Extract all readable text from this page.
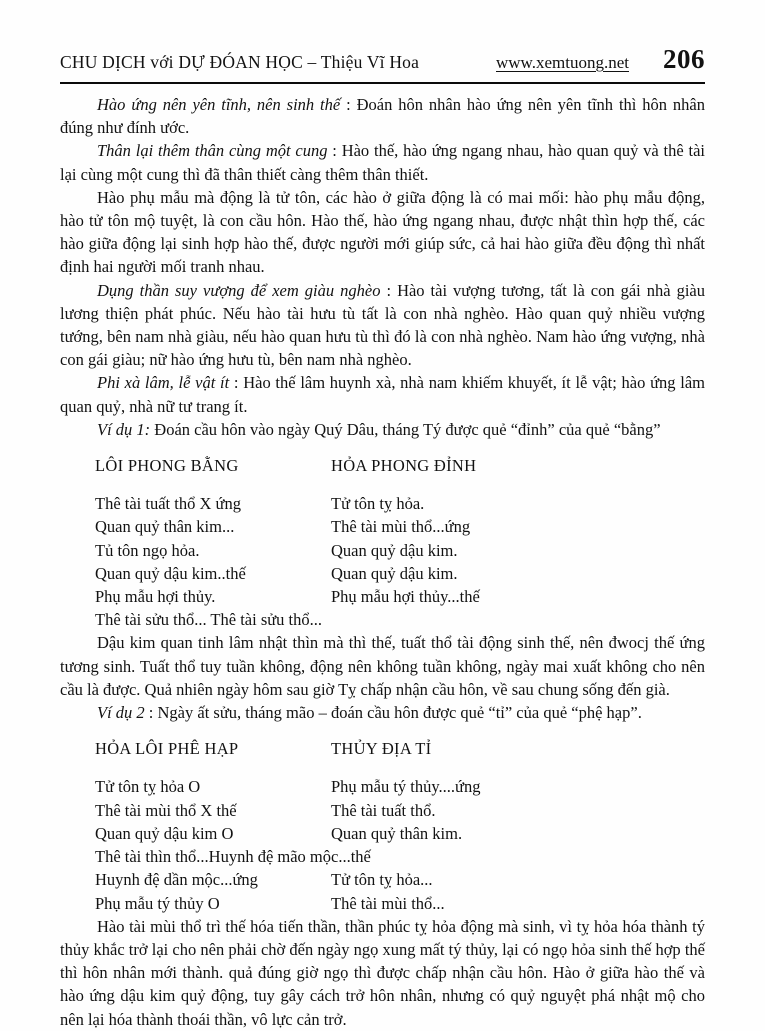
CHU DỊCH với DỰ ĐÓAN HỌC – Thiệu Vĩ Hoa	www.xemtuong.net 206

Hào ứng nên yên tĩnh, nên sinh thế : Đoán hôn nhân hào ứng nên yên tĩnh thì hôn nhân đúng như đính ước.

Thân lại thêm thân cùng một cung : Hào thế, hào ứng ngang nhau, hào quan quỷ và thê tài lại cùng một cung thì đã thân thiết càng thêm thân thiết.

Hào phụ mẫu mà động là tử tôn, các hào ở giữa động là có mai mối: hào phụ mẫu động, hào tử tôn mộ tuyệt, là con cầu hôn. Hào thế, hào ứng ngang nhau, được nhật thìn hợp thế, các hào giữa động lại sinh hợp hào thế, được người mới giúp sức, cả hai hào giữa đều động thì nhất định hai người mối tranh nhau.

Dụng thần suy vượng để xem giàu nghèo : Hào tài vượng tương, tất là con gái nhà giàu lương thiện phát phúc. Nếu hào tài hưu tù tất là con nhà nghèo. Hào quan quỷ nhiều vượng tướng, bên nam nhà giàu, nếu hào quan hưu tù thì đó là con nhà nghèo. Nam hào ứng vượng, nhà con gái giàu; nữ hào ứng hưu tù, bên nam nhà nghèo.

Phi xà lâm, lễ vật ít : Hào thế lâm huynh xà, nhà nam khiếm khuyết, ít lễ vật; hào ứng lâm quan quỷ, nhà nữ tư trang ít.

Ví dụ 1: Đoán cầu hôn vào ngày Quý Dâu, tháng Tý được quẻ “đỉnh” của quẻ “bằng”

LÔI PHONG BẰNG	HỎA PHONG ĐỈNH
Thê tài tuất thổ X ứng	Tử tôn tỵ hỏa.
Quan quỷ thân kim...	Thê tài mùi thổ...ứng
Tủ tôn ngọ hỏa.	Quan quỷ dậu kim.
Quan quỷ dậu kim..thế	Quan quỷ dậu kim.
Phụ mẫu hợi thủy.	Phụ mẫu hợi thủy...thế
Thê tài sửu thổ... Thê tài sửu thổ...

Dậu kim quan tinh lâm nhật thìn mà thì thế, tuất thổ tài động sinh thế, nên đwocj thế ứng tương sinh. Tuất thổ tuy tuần không, động nên không tuần không, ngày mai xuất không cho nên cầu là được. Quả nhiên ngày hôm sau giờ Tỵ chấp nhận cầu hôn, về sau chung sống đến già.

Ví dụ 2 : Ngày ất sửu, tháng mão – đoán cầu hôn được quẻ “tỉ” của quẻ “phệ hạp”.

HỎA LÔI PHÊ HẠP	THỦY ĐỊA TỈ
Tử tôn tỵ hỏa O	Phụ mẫu tý thủy....ứng
Thê tài mùi thổ X thế	Thê tài tuất thổ.
Quan quỷ dậu kim O	Quan quỷ thân kim.
Thê tài thìn thổ...Huynh đệ mão mộc...thế
Huynh đệ dần mộc...ứng	Tử tôn tỵ hỏa...
Phụ mẫu tý thủy O	Thê tài mùi thổ...

Hào tài mùi thổ trì thế hóa tiến thần, thần phúc tỵ hỏa động mà sinh, vì tỵ hỏa hóa thành tý thủy khắc trở lại cho nên phải chờ đến ngày ngọ xung mất tý thủy, lại có ngọ hỏa sinh thế hợp thế thì hôn nhân mới thành. quả đúng giờ ngọ thì được chấp nhận cầu hôn. Hào ở giữa hào thế và hào ứng dậu kim quỷ động, tuy gây cách trở hôn nhân, nhưng có quỷ nguyệt phá nhật mộ cho nên lại hóa thành thoái thần, vô lực cản trở.
